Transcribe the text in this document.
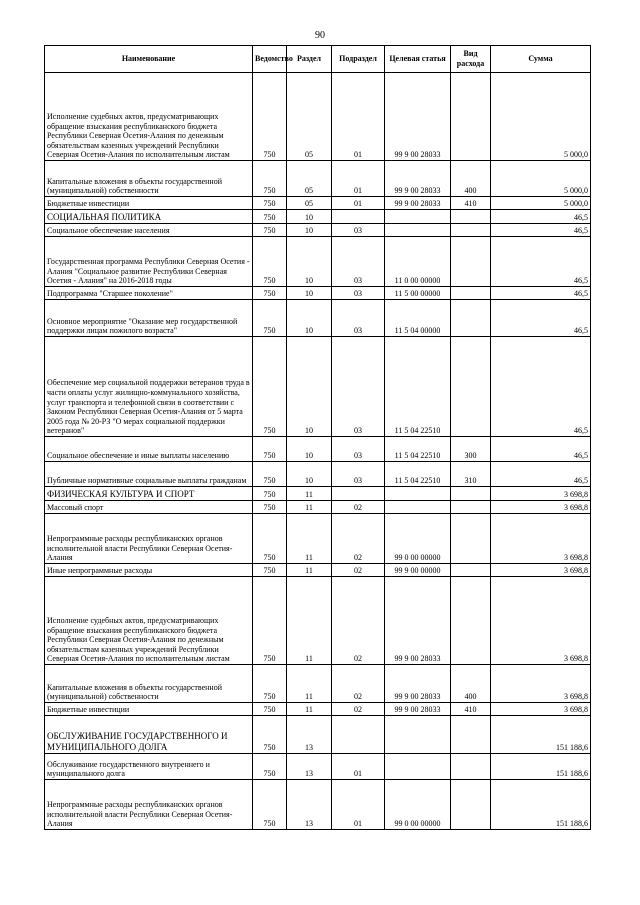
90
Наименование	Ведомство	Раздел	Подраздел	Целевая статья	Вид расхода	Сумма
Исполнение судебных актов, предусматривающих обращение взыскания республиканского бюджета Республики Северная Осетия-Алания по денежным обязательствам казенных учреждений Республики Северная Осетия-Алания по исполнительным листам	750	05	01	99 9 00 28033		5 000,0
Капитальные вложения в объекты государственной (муниципальной) собственности	750	05	01	99 9 00 28033	400	5 000,0
Бюджетные инвестиции	750	05	01	99 9 00 28033	410	5 000,0
СОЦИАЛЬНАЯ ПОЛИТИКА	750	10				46,5
Социальное обеспечение населения	750	10	03			46,5
Государственная программа Республики Северная Осетия - Алания "Социальное развитие Республики Северная Осетия - Алания" на 2016-2018 годы	750	10	03	11 0 00 00000		46,5
Подпрограмма "Старшее поколение"	750	10	03	11 5 00 00000		46,5
Основное мероприятие "Оказание мер государственной поддержки лицам пожилого возраста"	750	10	03	11 5 04 00000		46,5
Обеспечение мер социальной поддержки ветеранов труда в части оплаты услуг жилищно-коммунального хозяйства, услуг транспорта и телефонной связи в соответствии с Законом Республики Северная Осетия-Алания от 5 марта 2005 года № 20-РЗ "О мерах социальной поддержки ветеранов"	750	10	03	11 5 04 22510		46,5
Социальное обеспечение и иные выплаты населению	750	10	03	11 5 04 22510	300	46,5
Публичные нормативные социальные выплаты гражданам	750	10	03	11 5 04 22510	310	46,5
ФИЗИЧЕСКАЯ КУЛЬТУРА И СПОРТ	750	11				3 698,8
Массовый спорт	750	11	02			3 698,8
Непрограммные расходы республиканских органов исполнительной власти Республики Северная Осетия-Алания	750	11	02	99 0 00 00000		3 698,8
Иные непрограммные расходы	750	11	02	99 9 00 00000		3 698,8
Исполнение судебных актов, предусматривающих обращение взыскания республиканского бюджета Республики Северная Осетия-Алания по денежным обязательствам казенных учреждений Республики Северная Осетия-Алания по исполнительным листам	750	11	02	99 9 00 28033		3 698,8
Капитальные вложения в объекты государственной (муниципальной) собственности	750	11	02	99 9 00 28033	400	3 698,8
Бюджетные инвестиции	750	11	02	99 9 00 28033	410	3 698,8
ОБСЛУЖИВАНИЕ ГОСУДАРСТВЕННОГО И МУНИЦИПАЛЬНОГО ДОЛГА	750	13				151 188,6
Обслуживание государственного внутреннего и муниципального долга	750	13	01			151 188,6
Непрограммные расходы республиканских органов исполнительной власти Республики Северная Осетия-Алания	750	13	01	99 0 00 00000		151 188,6
